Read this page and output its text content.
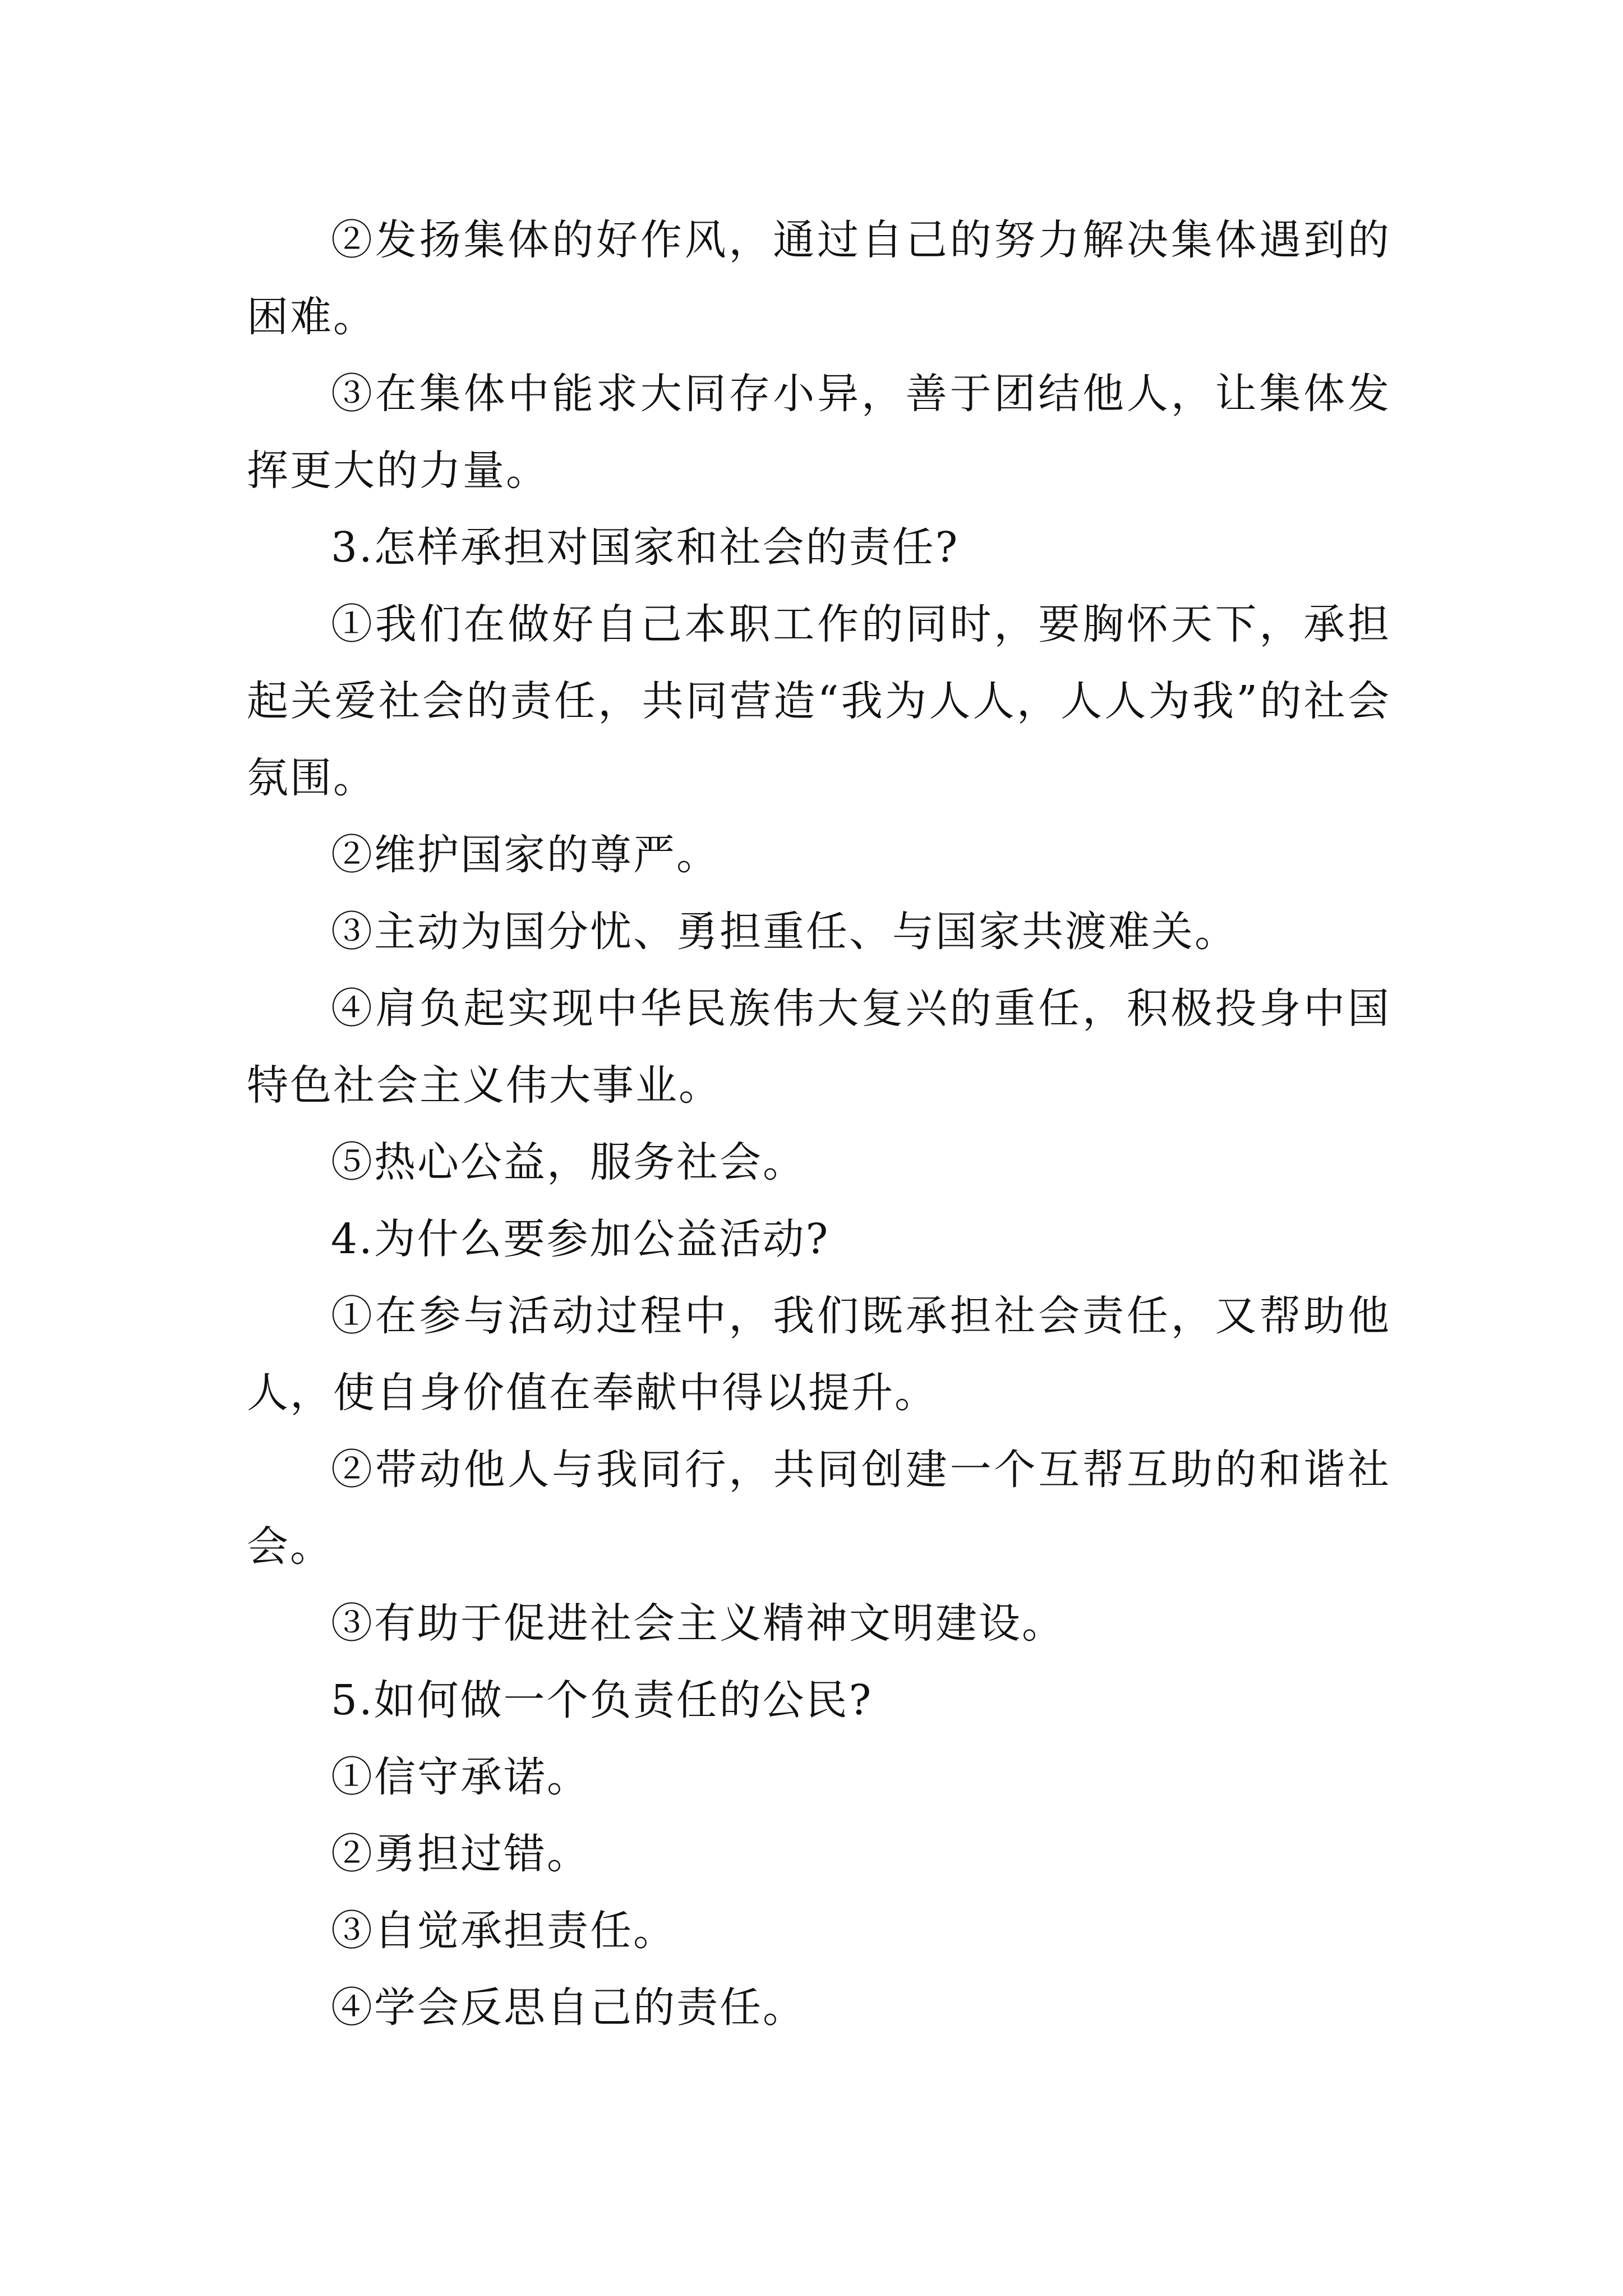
②发扬集体的好作风，通过自己的努力解决集体遇到的困难。

③在集体中能求大同存小异，善于团结他人，让集体发挥更大的力量。

3.怎样承担对国家和社会的责任?

①我们在做好自己本职工作的同时，要胸怀天下，承担起关爱社会的责任，共同营造“我为人人，人人为我”的社会氛围。

②维护国家的尊严。

③主动为国分忧、勇担重任、与国家共渡难关。

④肩负起实现中华民族伟大复兴的重任，积极投身中国特色社会主义伟大事业。

⑤热心公益，服务社会。

4.为什么要参加公益活动?

①在参与活动过程中，我们既承担社会责任，又帮助他人，使自身价值在奉献中得以提升。

②带动他人与我同行，共同创建一个互帮互助的和谐社会。

③有助于促进社会主义精神文明建设。

5.如何做一个负责任的公民?

①信守承诺。

②勇担过错。

③自觉承担责任。

④学会反思自己的责任。
